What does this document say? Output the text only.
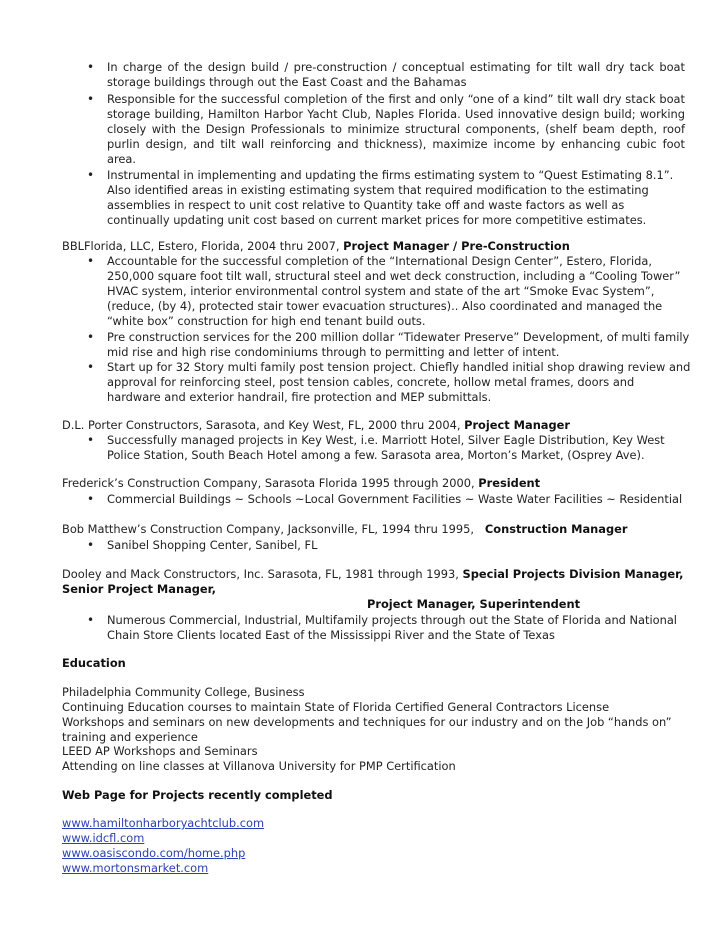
• In charge of the design build / pre-construction / conceptual estimating for tilt wall dry tack boat
storage buildings through out the East Coast and the Bahamas
• Responsible for the successful completion of the first and only “one of a kind” tilt wall dry stack boat
storage building, Hamilton Harbor Yacht Club, Naples Florida. Used innovative design build; working
closely with the Design Professionals to minimize structural components, (shelf beam depth, roof
purlin design, and tilt wall reinforcing and thickness), maximize income by enhancing cubic foot
area.
• Instrumental in implementing and updating the firms estimating system to “Quest Estimating 8.1”.
Also identified areas in existing estimating system that required modification to the estimating
assemblies in respect to unit cost relative to Quantity take off and waste factors as well as
continually updating unit cost based on current market prices for more competitive estimates.
BBLFlorida, LLC, Estero, Florida, 2004 thru 2007, Project Manager / Pre-Construction
• Accountable for the successful completion of the “International Design Center”, Estero, Florida,
250,000 square foot tilt wall, structural steel and wet deck construction, including a “Cooling Tower”
HVAC system, interior environmental control system and state of the art “Smoke Evac System”,
(reduce, (by 4), protected stair tower evacuation structures).. Also coordinated and managed the
“white box” construction for high end tenant build outs.
• Pre construction services for the 200 million dollar “Tidewater Preserve” Development, of multi family
mid rise and high rise condominiums through to permitting and letter of intent.
• Start up for 32 Story multi family post tension project. Chiefly handled initial shop drawing review and
approval for reinforcing steel, post tension cables, concrete, hollow metal frames, doors and
hardware and exterior handrail, fire protection and MEP submittals.
D.L. Porter Constructors, Sarasota, and Key West, FL, 2000 thru 2004, Project Manager
• Successfully managed projects in Key West, i.e. Marriott Hotel, Silver Eagle Distribution, Key West
Police Station, South Beach Hotel among a few. Sarasota area, Morton’s Market, (Osprey Ave).
Frederick’s Construction Company, Sarasota Florida 1995 through 2000, President
• Commercial Buildings ~ Schools ~Local Government Facilities ~ Waste Water Facilities ~ Residential
Bob Matthew’s Construction Company, Jacksonville, FL, 1994 thru 1995,   Construction Manager
• Sanibel Shopping Center, Sanibel, FL
Dooley and Mack Constructors, Inc. Sarasota, FL, 1981 through 1993, Special Projects Division Manager,
Senior Project Manager,
Project Manager, Superintendent
• Numerous Commercial, Industrial, Multifamily projects through out the State of Florida and National
Chain Store Clients located East of the Mississippi River and the State of Texas
Education
Philadelphia Community College, Business
Continuing Education courses to maintain State of Florida Certified General Contractors License
Workshops and seminars on new developments and techniques for our industry and on the Job “hands on”
training and experience
LEED AP Workshops and Seminars
Attending on line classes at Villanova University for PMP Certification
Web Page for Projects recently completed
www.hamiltonharboryachtclub.com
www.idcfl.com
www.oasiscondo.com/home.php
www.mortonsmarket.com
